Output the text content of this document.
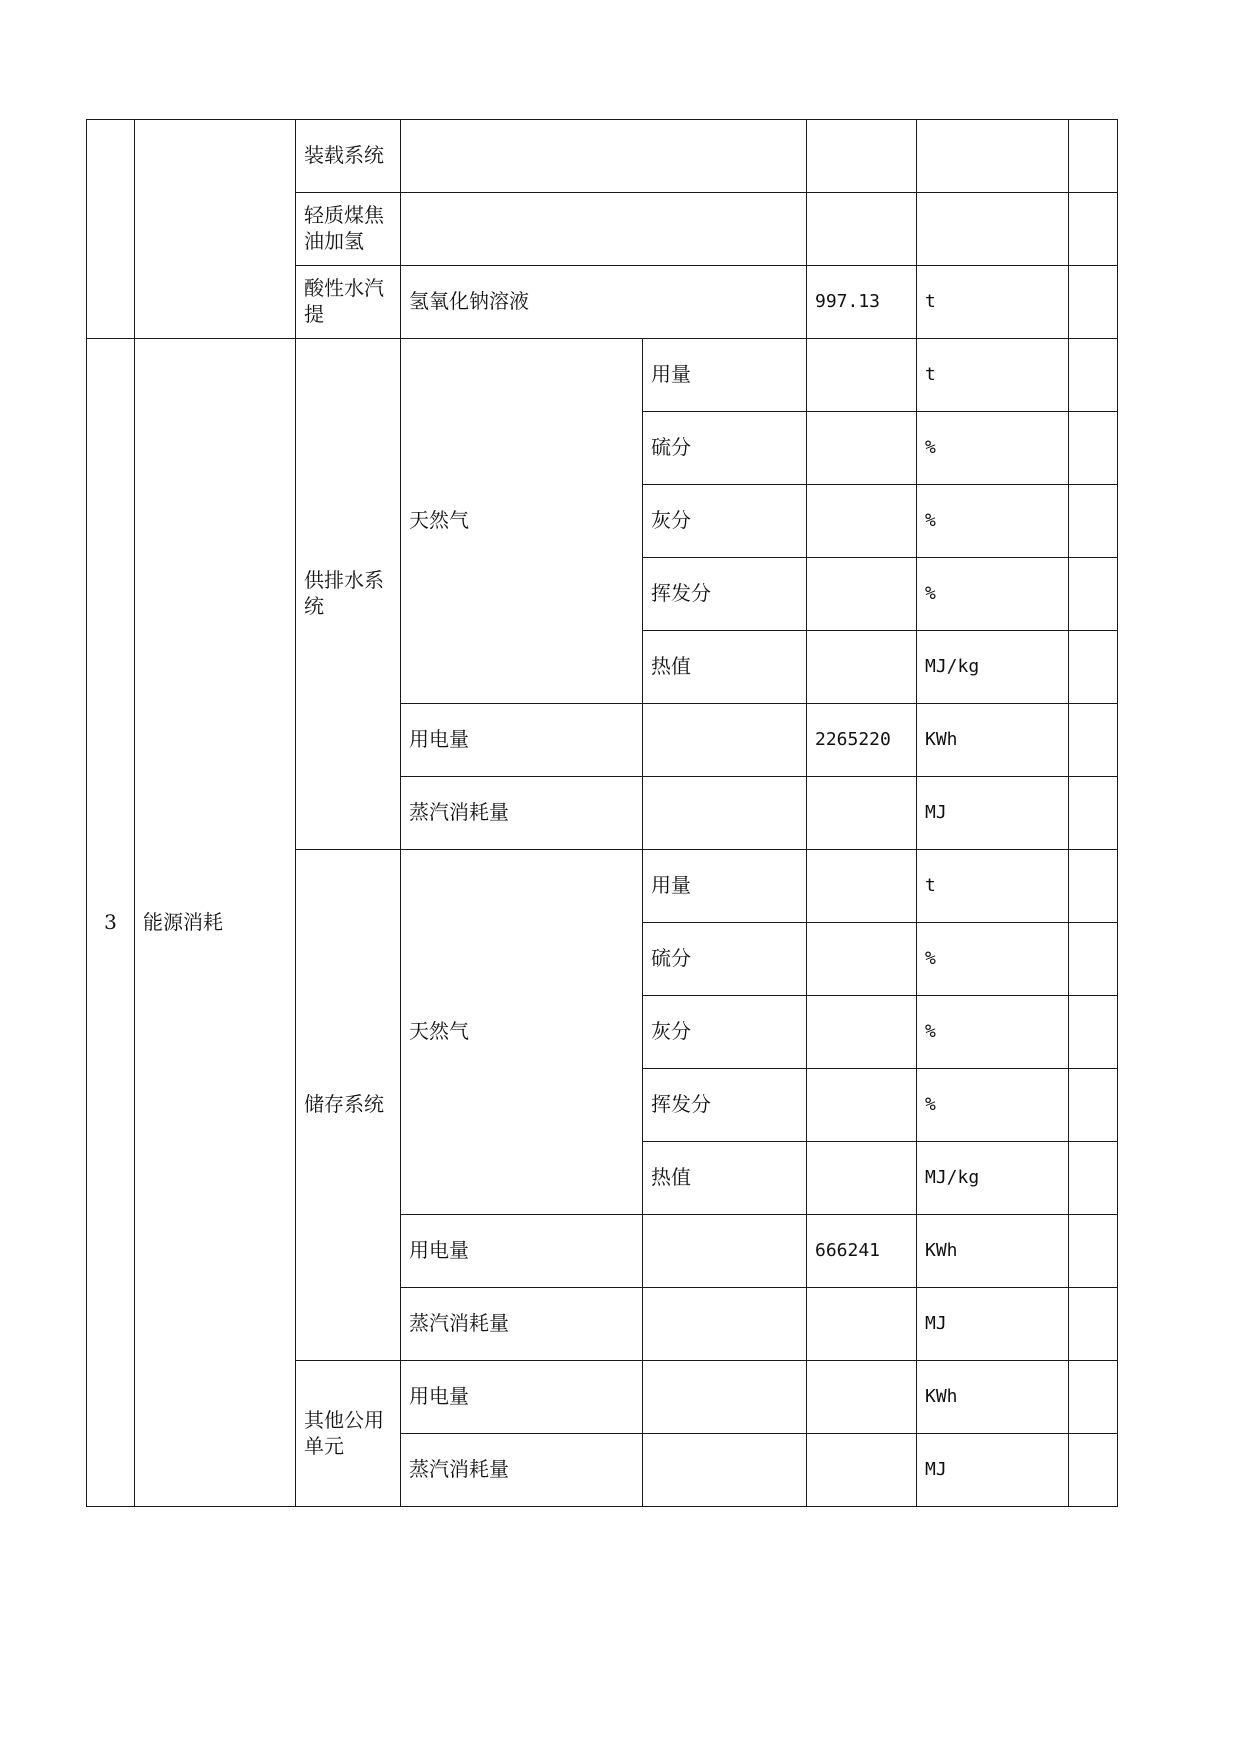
		装载系统					
		轻质煤焦油加氢					
		酸性水汽提	氢氧化钠溶液		997.13	t	
3	能源消耗	供排水系统	天然气	用量		t	
				硫分		%	
				灰分		%	
				挥发分		%	
				热值		MJ/kg	
			用电量		2265220	KWh	
			蒸汽消耗量			MJ	
		储存系统	天然气	用量		t	
				硫分		%	
				灰分		%	
				挥发分		%	
				热值		MJ/kg	
			用电量		666241	KWh	
			蒸汽消耗量			MJ	
		其他公用单元	用电量			KWh	
			蒸汽消耗量			MJ	
